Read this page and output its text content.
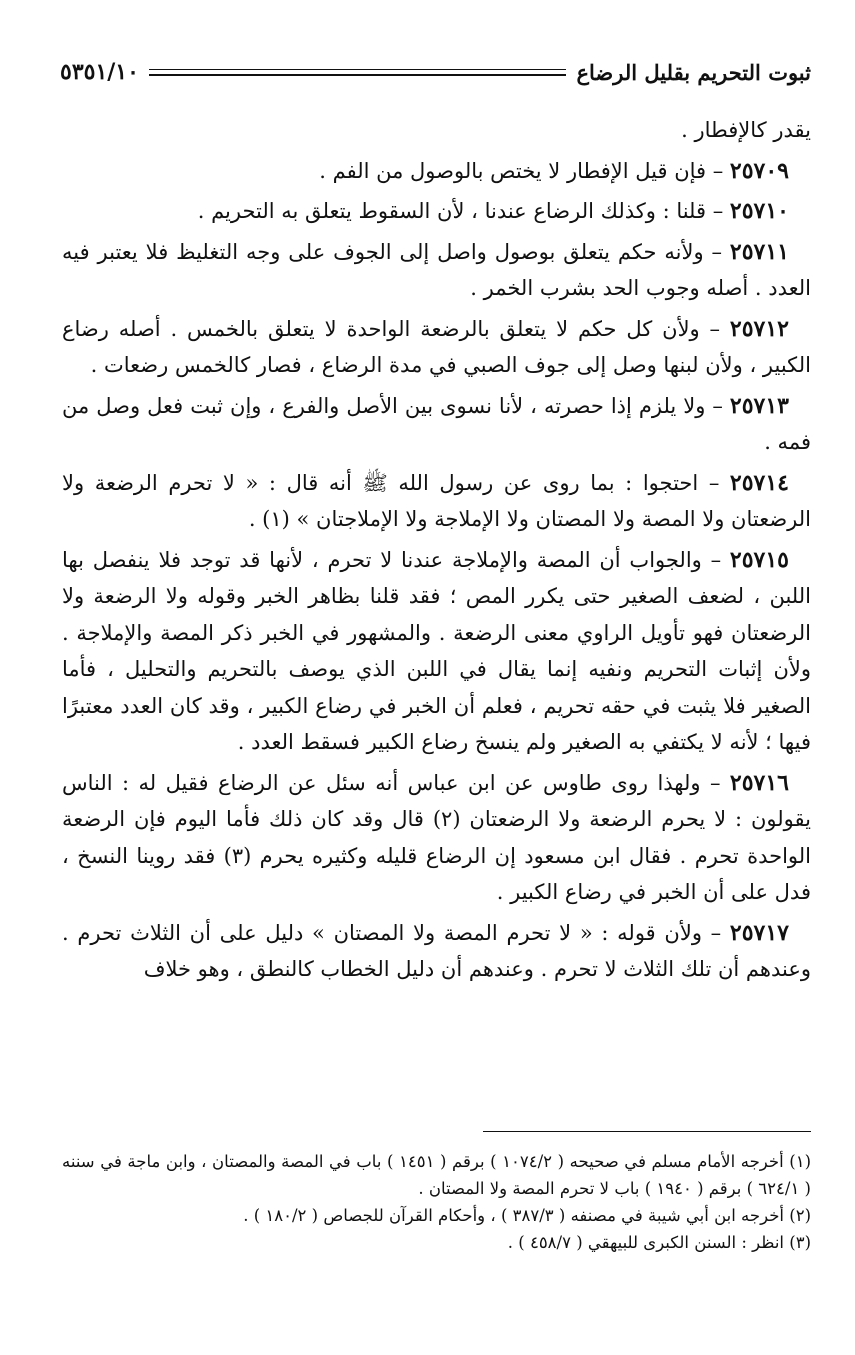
ثبوت التحريم بقليل الرضاع
٥٣٥١/١٠

يقدر كالإفطار .

٢٥٧٠٩ – فإن قيل الإفطار لا يختص بالوصول من الفم .

٢٥٧١٠ – قلنا : وكذلك الرضاع عندنا ، لأن السقوط يتعلق به التحريم .

٢٥٧١١ – ولأنه حكم يتعلق بوصول واصل إلى الجوف على وجه التغليظ فلا يعتبر فيه العدد . أصله وجوب الحد بشرب الخمر .

٢٥٧١٢ – ولأن كل حكم لا يتعلق بالرضعة الواحدة لا يتعلق بالخمس . أصله رضاع الكبير ، ولأن لبنها وصل إلى جوف الصبي في مدة الرضاع ، فصار كالخمس رضعات .

٢٥٧١٣ – ولا يلزم إذا حصرته ، لأنا نسوى بين الأصل والفرع ، وإن ثبت فعل وصل من فمه .

٢٥٧١٤ – احتجوا : بما روى عن رسول الله ﷺ أنه قال : « لا تحرم الرضعة ولا الرضعتان ولا المصة ولا المصتان ولا الإملاجة ولا الإملاجتان » (١) .

٢٥٧١٥ – والجواب أن المصة والإملاجة عندنا لا تحرم ، لأنها قد توجد فلا ينفصل بها اللبن ، لضعف الصغير حتى يكرر المص ؛ فقد قلنا بظاهر الخبر وقوله ولا الرضعة ولا الرضعتان فهو تأويل الراوي معنى الرضعة . والمشهور في الخبر ذكر المصة والإملاجة . ولأن إثبات التحريم ونفيه إنما يقال في اللبن الذي يوصف بالتحريم والتحليل ، فأما الصغير فلا يثبت في حقه تحريم ، فعلم أن الخبر في رضاع الكبير ، وقد كان العدد معتبرًا فيها ؛ لأنه لا يكتفي به الصغير ولم ينسخ رضاع الكبير فسقط العدد .

٢٥٧١٦ – ولهذا روى طاوس عن ابن عباس أنه سئل عن الرضاع فقيل له : الناس يقولون : لا يحرم الرضعة ولا الرضعتان (٢) قال وقد كان ذلك فأما اليوم فإن الرضعة الواحدة تحرم . فقال ابن مسعود إن الرضاع قليله وكثيره يحرم (٣) فقد روينا النسخ ، فدل على أن الخبر في رضاع الكبير .

٢٥٧١٧ – ولأن قوله : « لا تحرم المصة ولا المصتان » دليل على أن الثلاث تحرم . وعندهم أن تلك الثلاث لا تحرم . وعندهم أن دليل الخطاب كالنطق ، وهو خلاف

(١) أخرجه الأمام مسلم في صحيحه ( ١٠٧٤/٢ ) برقم ( ١٤٥١ ) باب في المصة والمصتان ، وابن ماجة في سننه ( ٦٢٤/١ ) برقم ( ١٩٤٠ ) باب لا تحرم المصة ولا المصتان .

(٢) أخرجه ابن أبي شيبة في مصنفه ( ٣٨٧/٣ ) ، وأحكام القرآن للجصاص ( ١٨٠/٢ ) .

(٣) انظر : السنن الكبرى للبيهقي ( ٤٥٨/٧ ) .
